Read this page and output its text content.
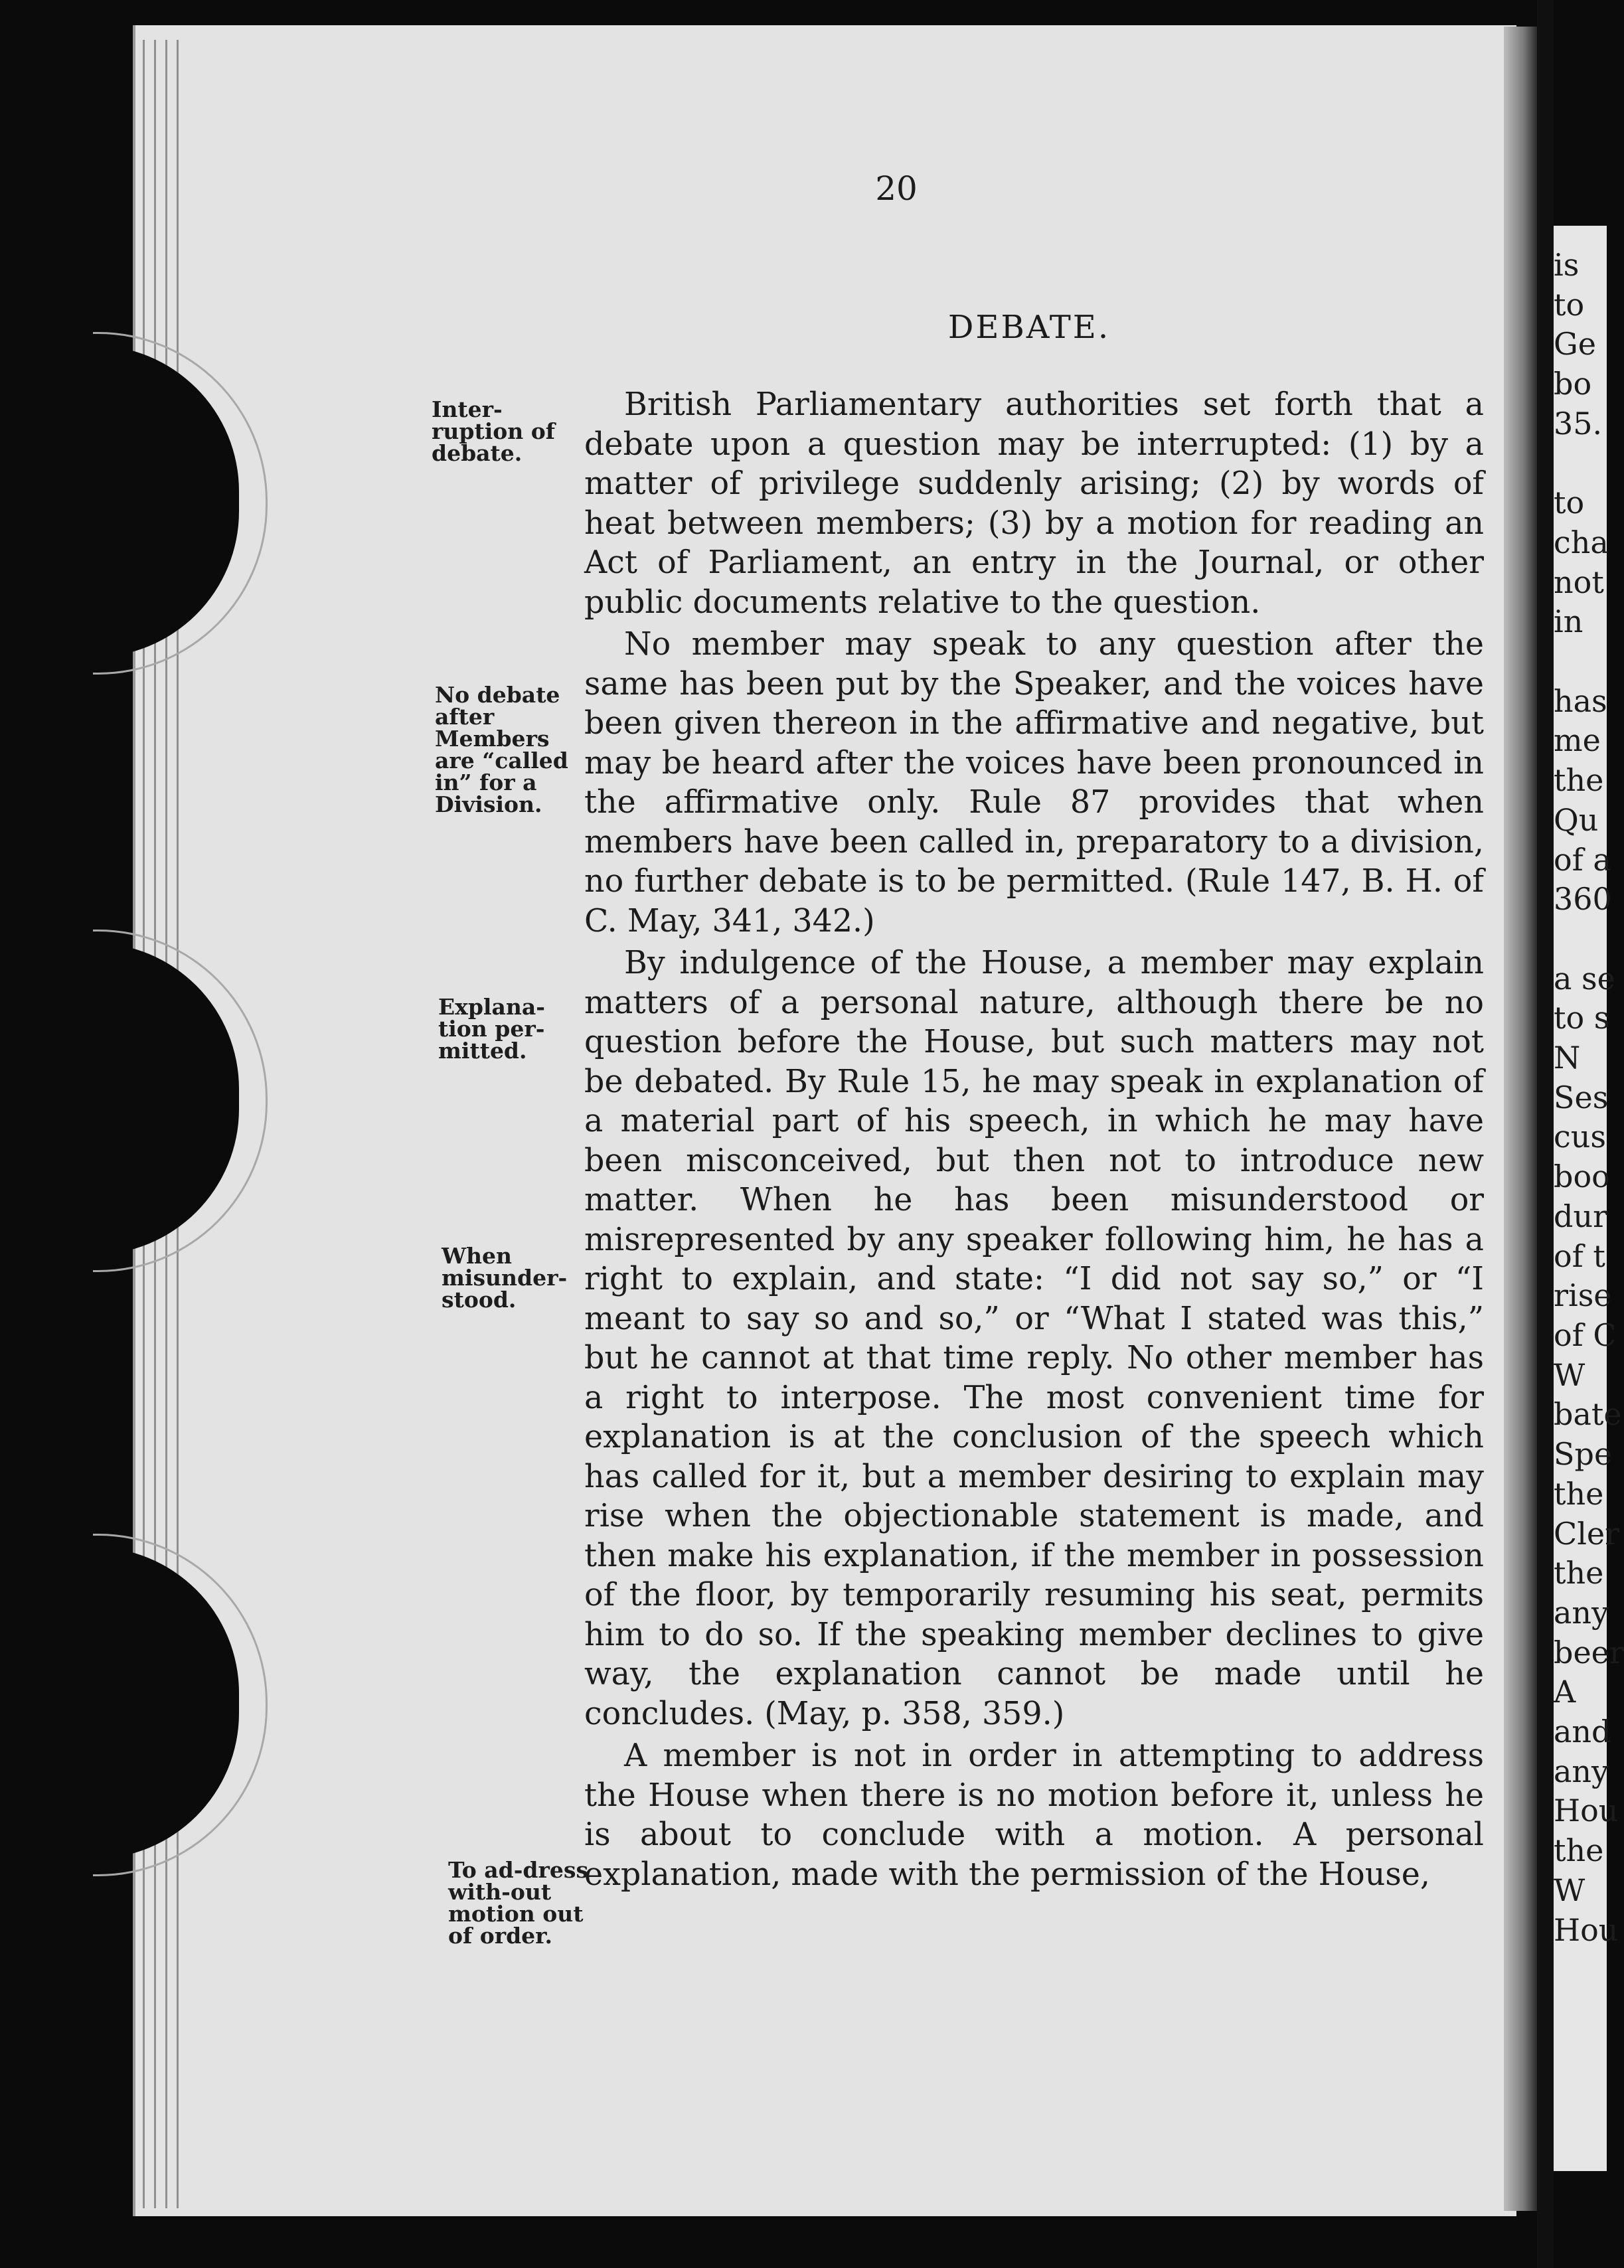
20
DEBATE.
Inter-ruption of debate.
No debate after Members are “called in” for a Division.
Explana-tion per-mitted.
When misunder-stood.
To ad-dress with-out motion out of order.

British Parliamentary authorities set forth that a debate upon a question may be interrupted: (1) by a matter of privilege suddenly arising; (2) by words of heat between members; (3) by a motion for reading an Act of Parliament, an entry in the Journal, or other public documents relative to the question.

No member may speak to any question after the same has been put by the Speaker, and the voices have been given thereon in the affirmative and negative, but may be heard after the voices have been pronounced in the affirmative only. Rule 87 provides that when members have been called in, preparatory to a division, no further debate is to be permitted. (Rule 147, B. H. of C. May, 341, 342.)

By indulgence of the House, a member may explain matters of a personal nature, although there be no question before the House, but such matters may not be debated. By Rule 15, he may speak in explanation of a material part of his speech, in which he may have been misconceived, but then not to introduce new matter. When he has been misunderstood or misrepresented by any speaker following him, he has a right to explain, and state: “I did not say so,” or “I meant to say so and so,” or “What I stated was this,” but he cannot at that time reply. No other member has a right to interpose. The most convenient time for explanation is at the conclusion of the speech which has called for it, but a member desiring to explain may rise when the objectionable statement is made, and then make his explanation, if the member in possession of the floor, by temporarily resuming his seat, permits him to do so. If the speaking member declines to give way, the explanation cannot be made until he concludes. (May, p. 358, 359.)

A member is not in order in attempting to address the House when there is no motion before it, unless he is about to conclude with a motion. A personal explanation, made with the permission of the House,

is
to
Ge
bo
35.

to
cha
not
in

has
me
the
Qu
of a
360

a se
to s
N
Ses
cus
boo
dur
of t
rise
of C
W
bate
Spe
the
Cler
the
any
beer
A
and
any
Hou
the
W
Hou
